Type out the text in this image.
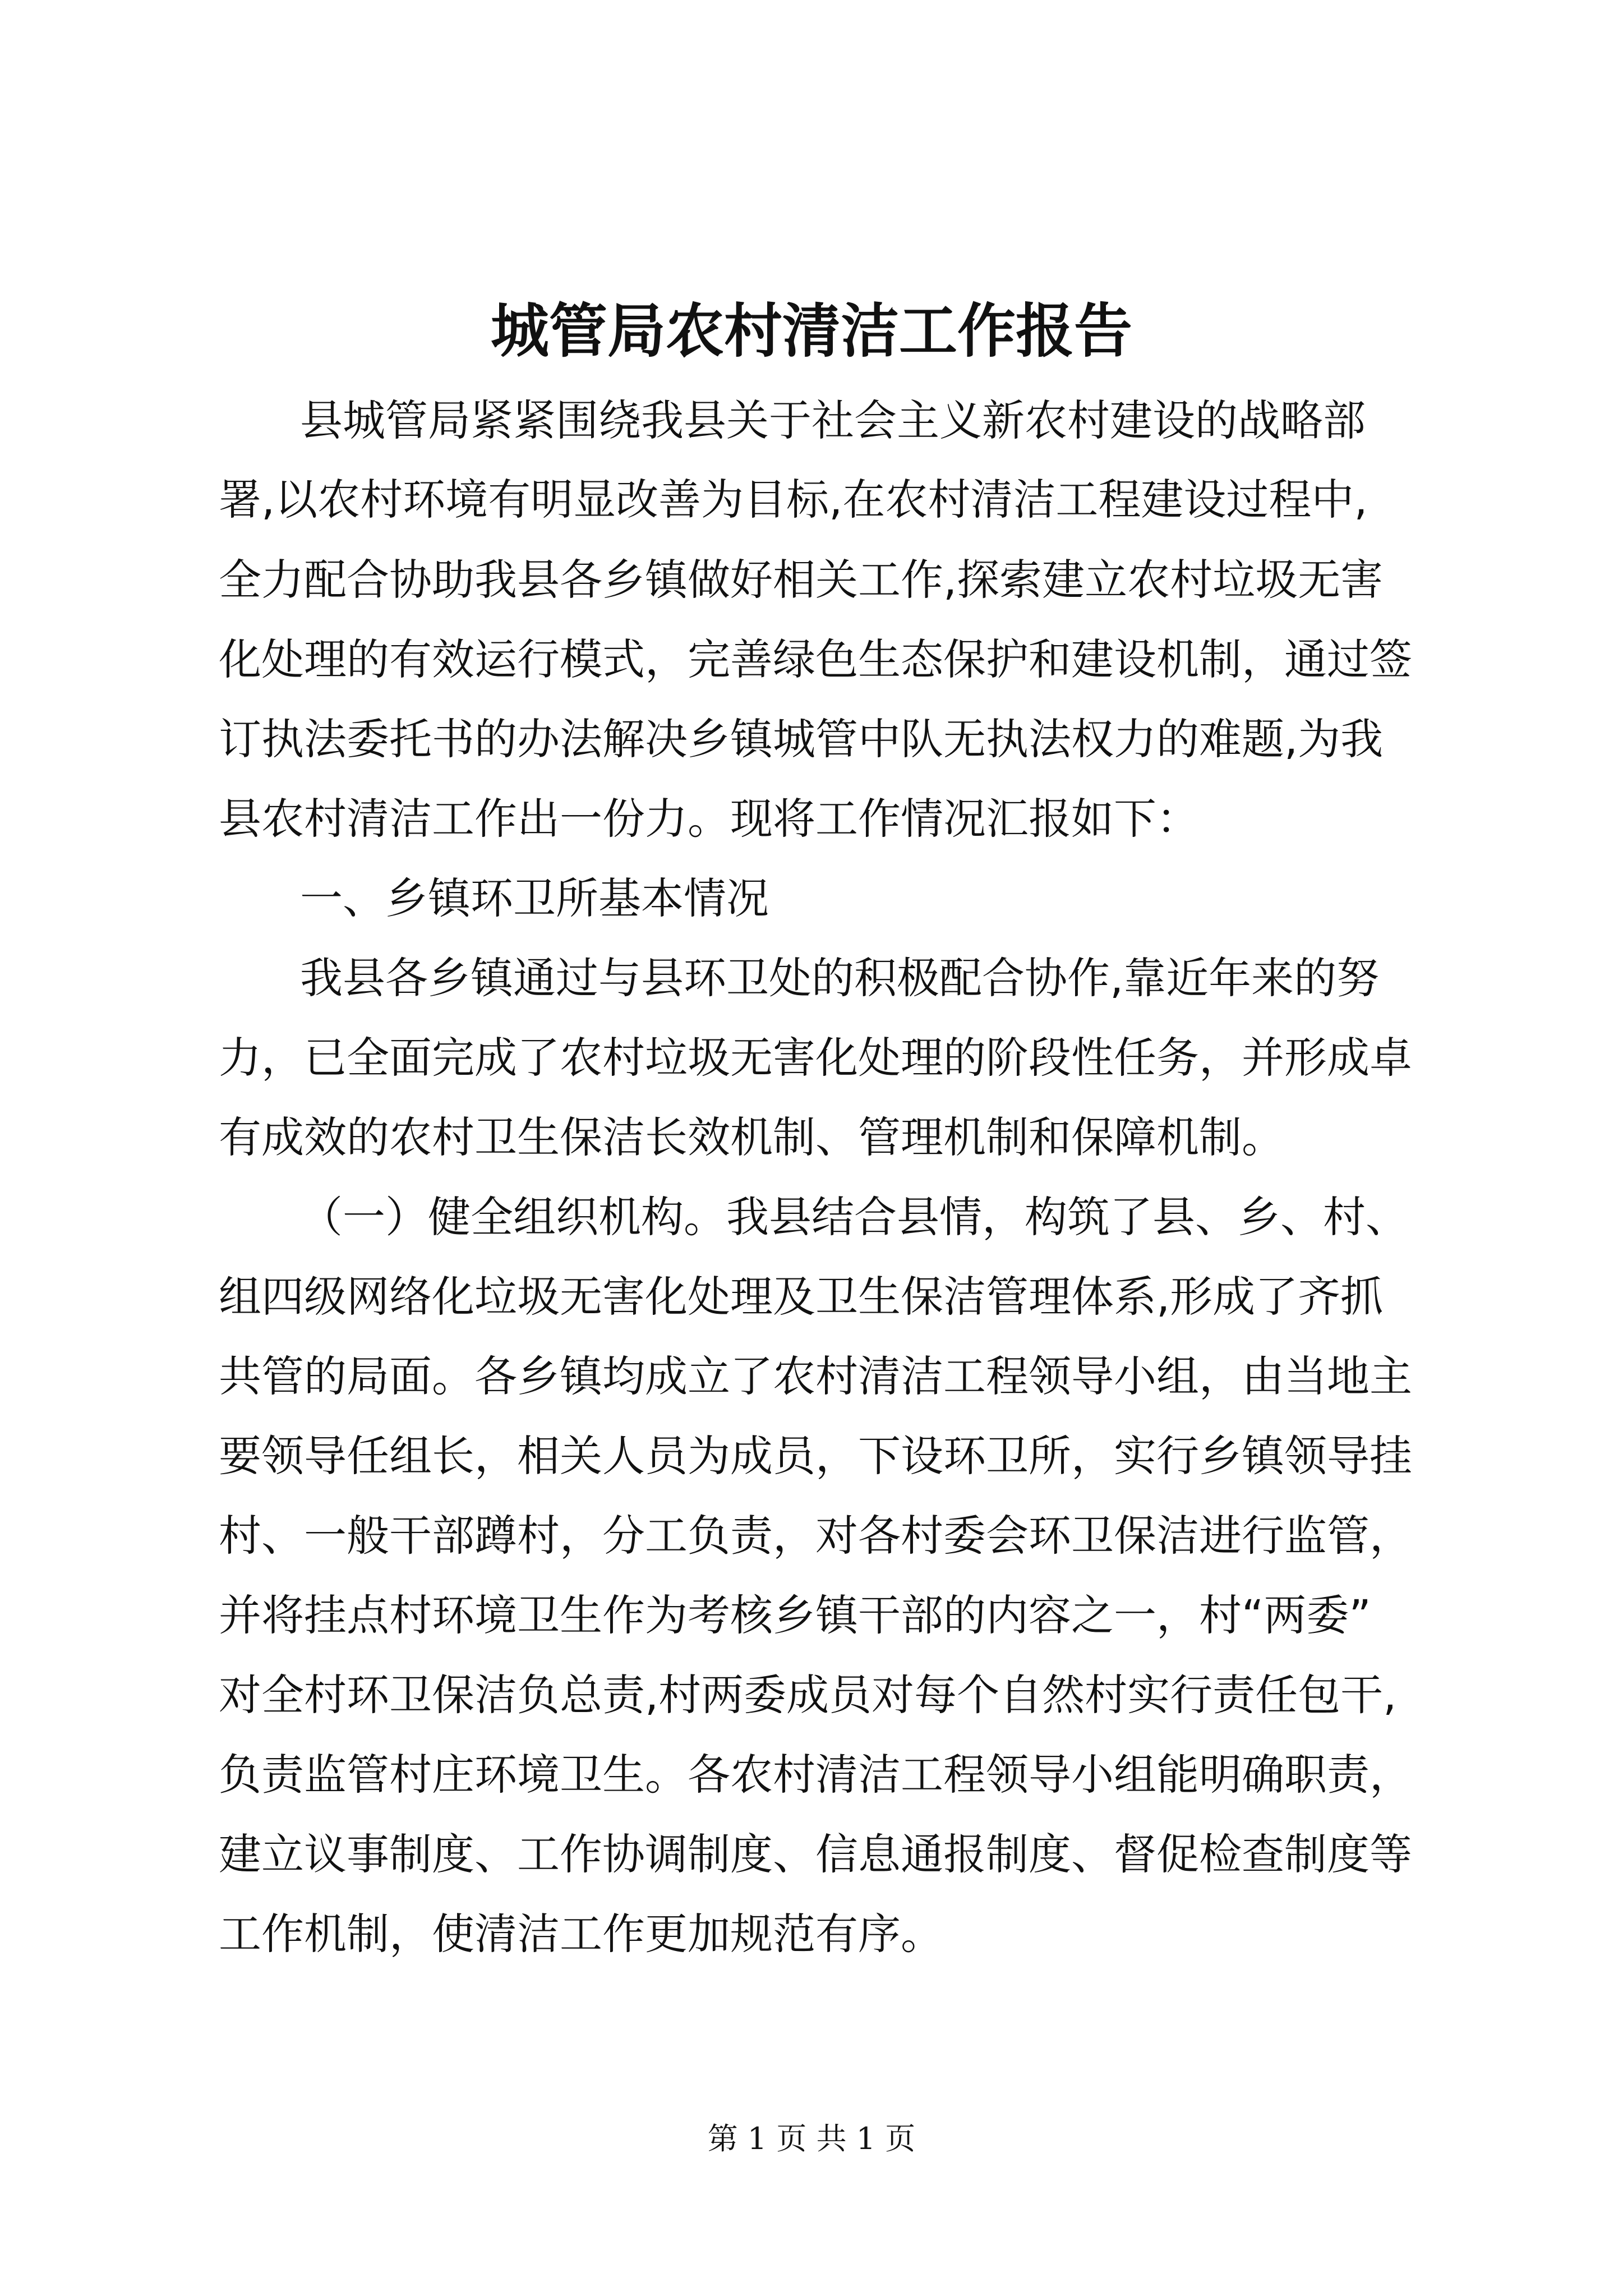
城管局农村清洁工作报告

县城管局紧紧围绕我县关于社会主义新农村建设的战略部

署,以农村环境有明显改善为目标,在农村清洁工程建设过程中,

全力配合协助我县各乡镇做好相关工作,探索建立农村垃圾无害

化处理的有效运行模式，完善绿色生态保护和建设机制，通过签

订执法委托书的办法解决乡镇城管中队无执法权力的难题,为我

县农村清洁工作出一份力。现将工作情况汇报如下：

一、乡镇环卫所基本情况

我县各乡镇通过与县环卫处的积极配合协作,靠近年来的努

力，已全面完成了农村垃圾无害化处理的阶段性任务，并形成卓

有成效的农村卫生保洁长效机制、管理机制和保障机制。

（一）健全组织机构。我县结合县情，构筑了县、乡、村、

组四级网络化垃圾无害化处理及卫生保洁管理体系,形成了齐抓

共管的局面。各乡镇均成立了农村清洁工程领导小组，由当地主

要领导任组长，相关人员为成员，下设环卫所，实行乡镇领导挂

村、一般干部蹲村，分工负责，对各村委会环卫保洁进行监管，

并将挂点村环境卫生作为考核乡镇干部的内容之一，村“两委”

对全村环卫保洁负总责,村两委成员对每个自然村实行责任包干,

负责监管村庄环境卫生。各农村清洁工程领导小组能明确职责，

建立议事制度、工作协调制度、信息通报制度、督促检查制度等

工作机制，使清洁工作更加规范有序。

第 1 页 共 1 页
